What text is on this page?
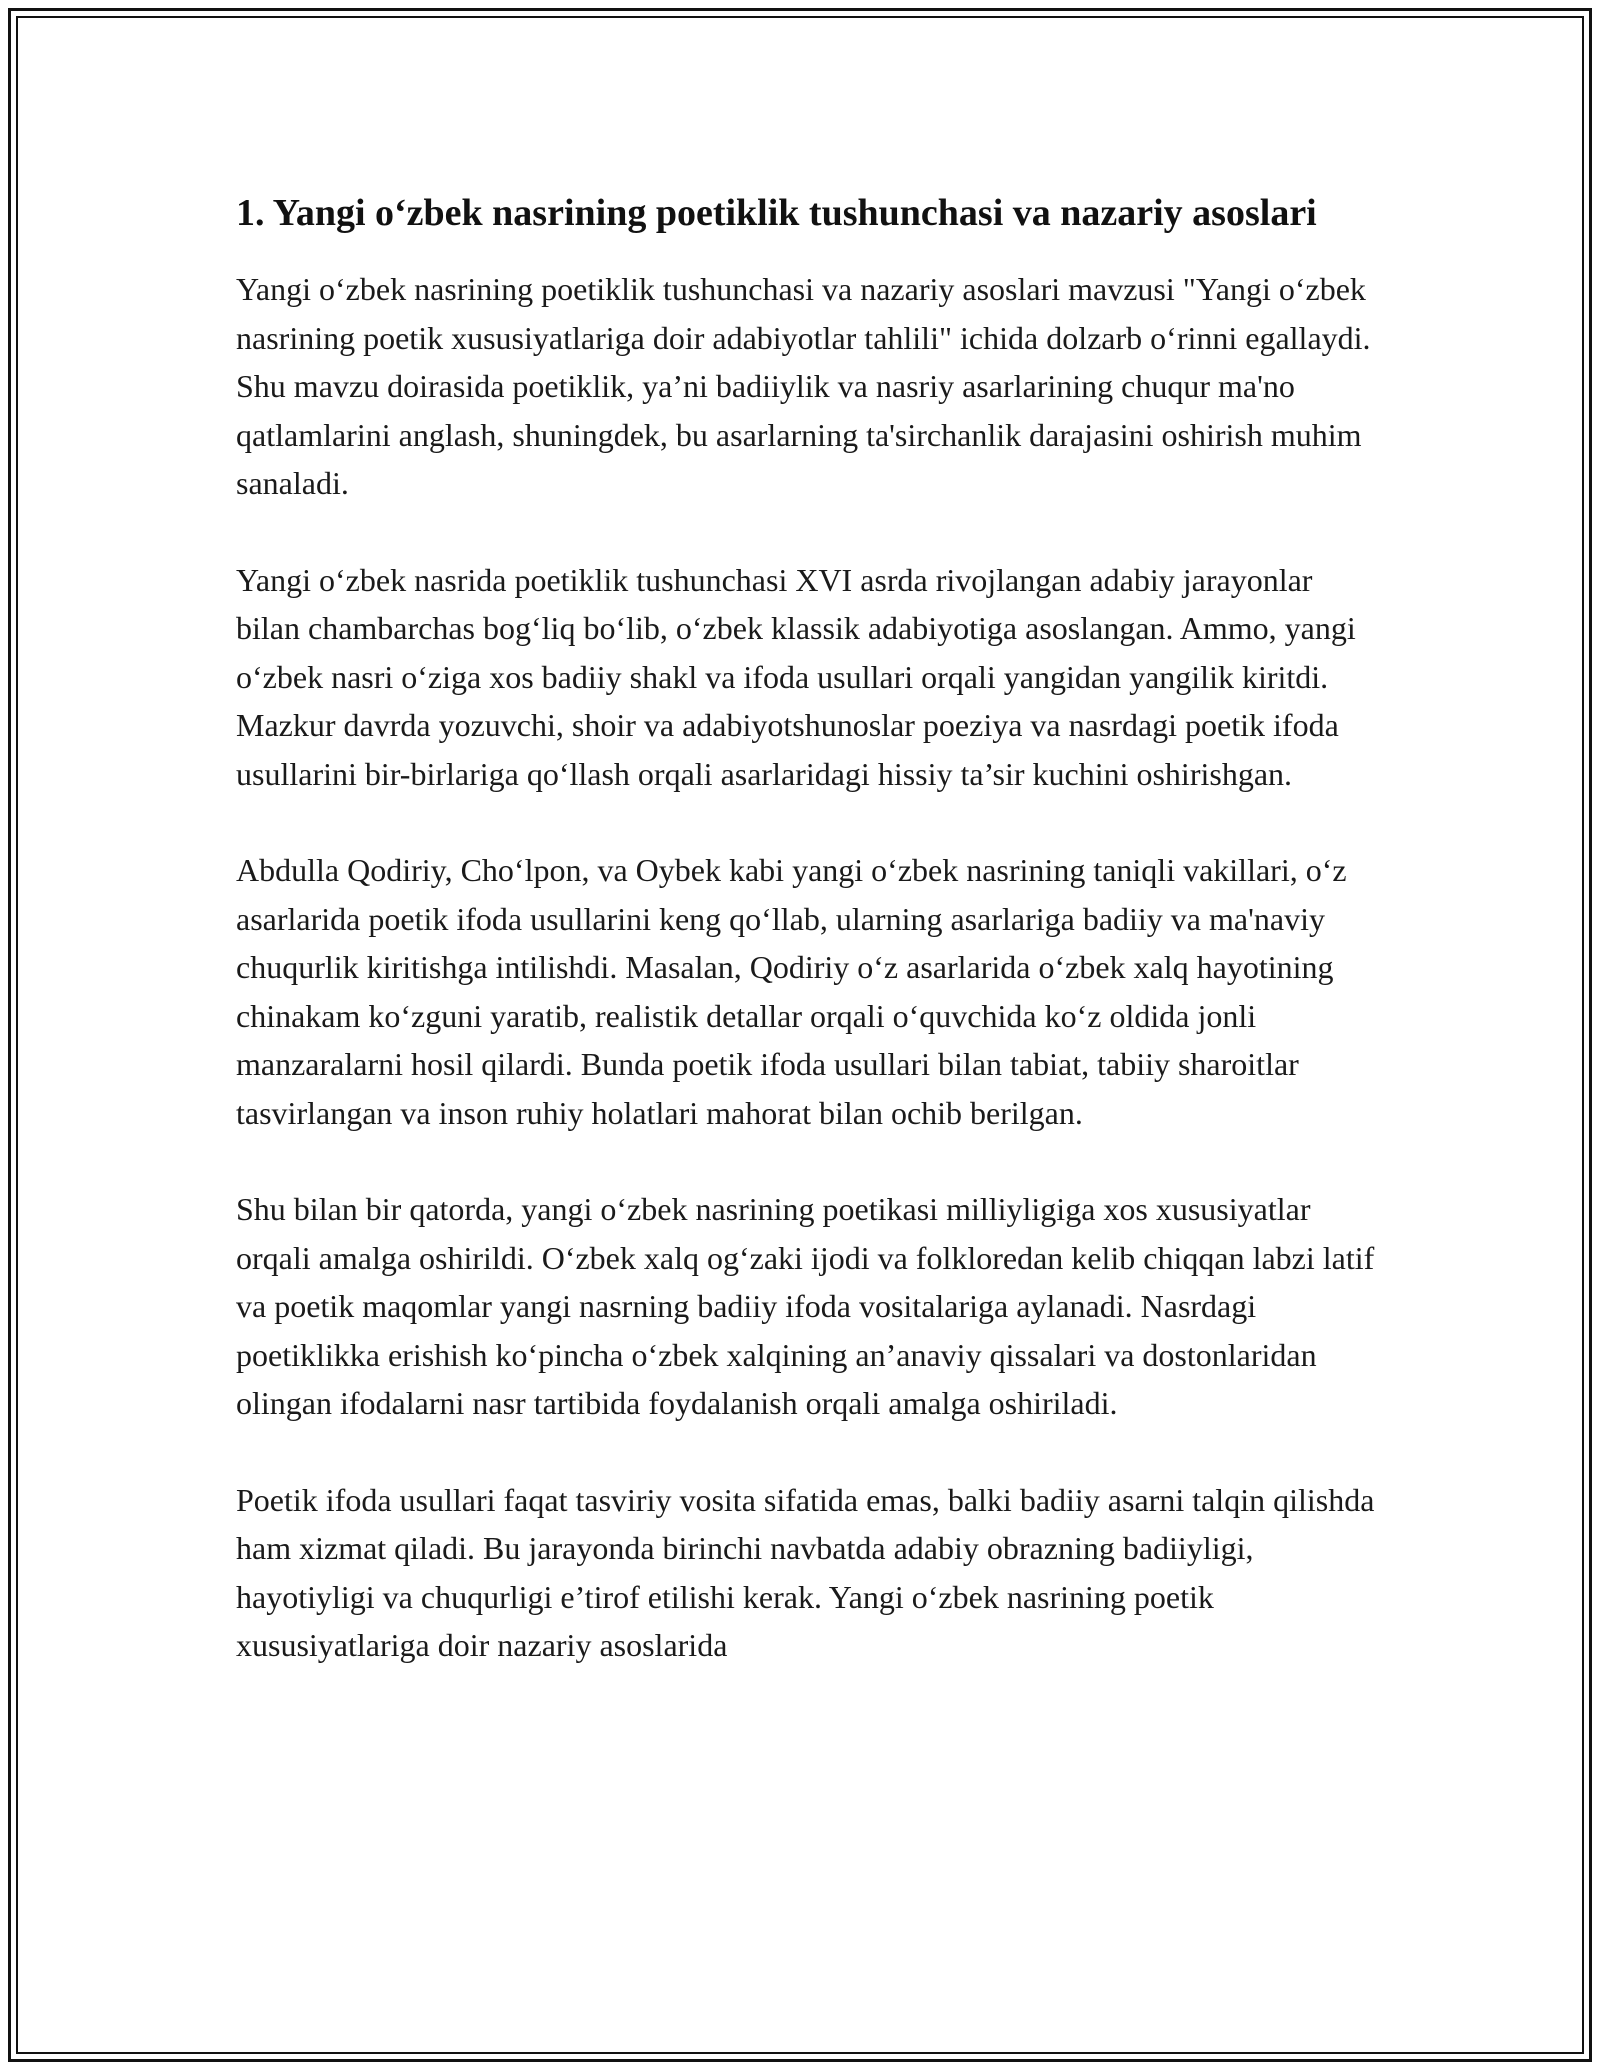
1. Yangi o‘zbek nasrining poetiklik tushunchasi va nazariy asoslari

Yangi o‘zbek nasrining poetiklik tushunchasi va nazariy asoslari mavzusi "Yangi o‘zbek nasrining poetik xususiyatlariga doir adabiyotlar tahlili" ichida dolzarb o‘rinni egallaydi. Shu mavzu doirasida poetiklik, ya’ni badiiylik va nasriy asarlarining chuqur ma'no qatlamlarini anglash, shuningdek, bu asarlarning ta'sirchanlik darajasini oshirish muhim sanaladi.

Yangi o‘zbek nasrida poetiklik tushunchasi XVI asrda rivojlangan adabiy jarayonlar bilan chambarchas bog‘liq bo‘lib, o‘zbek klassik adabiyotiga asoslangan. Ammo, yangi o‘zbek nasri o‘ziga xos badiiy shakl va ifoda usullari orqali yangidan yangilik kiritdi. Mazkur davrda yozuvchi, shoir va adabiyotshunoslar poeziya va nasrdagi poetik ifoda usullarini bir-birlariga qo‘llash orqali asarlaridagi hissiy ta’sir kuchini oshirishgan.

Abdulla Qodiriy, Cho‘lpon, va Oybek kabi yangi o‘zbek nasrining taniqli vakillari, o‘z asarlarida poetik ifoda usullarini keng qo‘llab, ularning asarlariga badiiy va ma'naviy chuqurlik kiritishga intilishdi. Masalan, Qodiriy o‘z asarlarida o‘zbek xalq hayotining chinakam ko‘zguni yaratib, realistik detallar orqali o‘quvchida ko‘z oldida jonli manzaralarni hosil qilardi. Bunda poetik ifoda usullari bilan tabiat, tabiiy sharoitlar tasvirlangan va inson ruhiy holatlari mahorat bilan ochib berilgan.

Shu bilan bir qatorda, yangi o‘zbek nasrining poetikasi milliyligiga xos xususiyatlar orqali amalga oshirildi. O‘zbek xalq og‘zaki ijodi va folkloredan kelib chiqqan labzi latif va poetik maqomlar yangi nasrning badiiy ifoda vositalariga aylanadi. Nasrdagi poetiklikka erishish ko‘pincha o‘zbek xalqining an’anaviy qissalari va dostonlaridan olingan ifodalarni nasr tartibida foydalanish orqali amalga oshiriladi.

Poetik ifoda usullari faqat tasviriy vosita sifatida emas, balki badiiy asarni talqin qilishda ham xizmat qiladi. Bu jarayonda birinchi navbatda adabiy obrazning badiiyligi, hayotiyligi va chuqurligi e’tirof etilishi kerak. Yangi o‘zbek nasrining poetik xususiyatlariga doir nazariy asoslarida
